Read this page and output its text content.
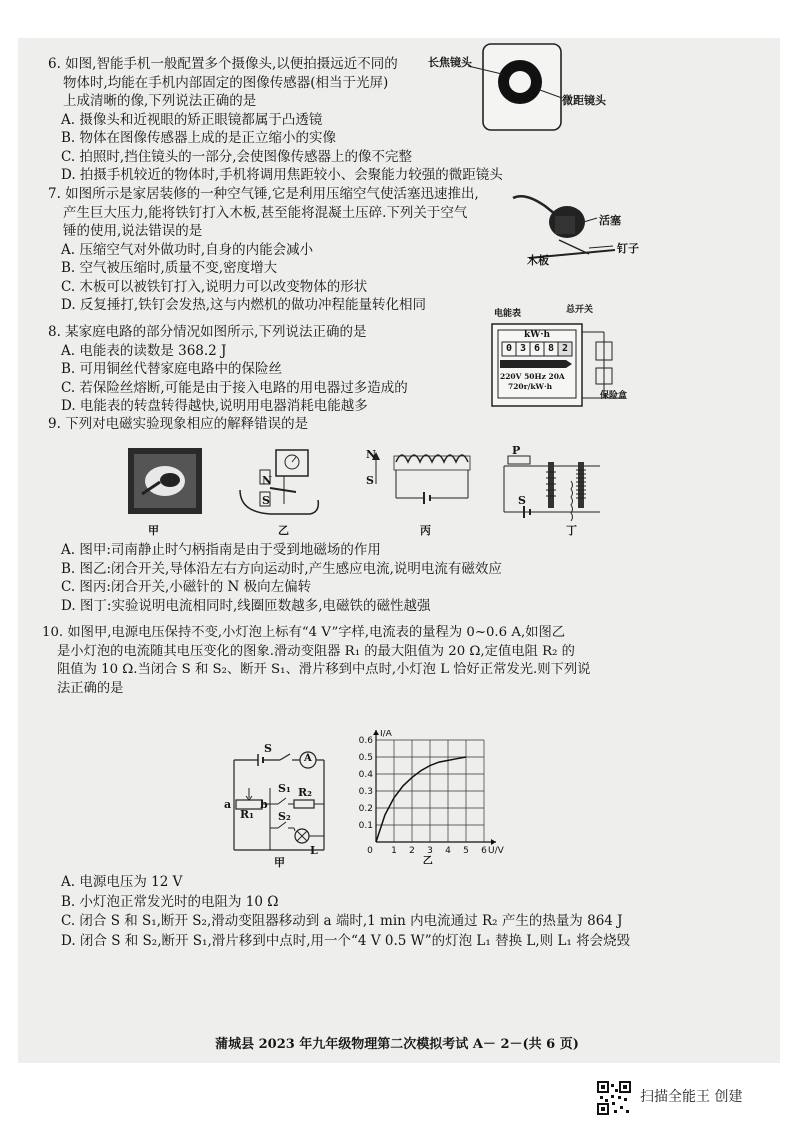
6. 如图,智能手机一般配置多个摄像头,以便拍摄远近不同的
物体时,均能在手机内部固定的图像传感器(相当于光屏)
上成清晰的像,下列说法正确的是
A. 摄像头和近视眼的矫正眼镜都属于凸透镜
B. 物体在图像传感器上成的是正立缩小的实像
C. 拍照时,挡住镜头的一部分,会使图像传感器上的像不完整
D. 拍摄手机较近的物体时,手机将调用焦距较小、会聚能力较强的微距镜头
长焦镜头
微距镜头
7. 如图所示是家居装修的一种空气锤,它是利用压缩空气使活塞迅速推出,
产生巨大压力,能将铁钉打入木板,甚至能将混凝土压碎.下列关于空气
锤的使用,说法错误的是
A. 压缩空气对外做功时,自身的内能会减小
B. 空气被压缩时,质量不变,密度增大
C. 木板可以被铁钉打入,说明力可以改变物体的形状
D. 反复捶打,铁钉会发热,这与内燃机的做功冲程能量转化相同
活塞
木板
钉子
8. 某家庭电路的部分情况如图所示,下列说法正确的是
A. 电能表的读数是 368.2 J
B. 可用铜丝代替家庭电路中的保险丝
C. 若保险丝熔断,可能是由于接入电路的用电器过多造成的
D. 电能表的转盘转得越快,说明用电器消耗电能越多
电能表	总开关
kW·h
0 3 6 8 2
220V 50Hz 20A
720r/kW·h
保险盒
9. 下列对电磁实验现象相应的解释错误的是
N
S
N
S
P
S
甲	乙	丙	丁
A. 图甲:司南静止时勺柄指南是由于受到地磁场的作用
B. 图乙:闭合开关,导体沿左右方向运动时,产生感应电流,说明电流有磁效应
C. 图丙:闭合开关,小磁针的 N 极向左偏转
D. 图丁:实验说明电流相同时,线圈匝数越多,电磁铁的磁性越强
10. 如图甲,电源电压保持不变,小灯泡上标有“4 V”字样,电流表的量程为 0~0.6 A,如图乙
是小灯泡的电流随其电压变化的图象.滑动变阻器 R₁ 的最大阻值为 20 Ω,定值电阻 R₂ 的
阻值为 10 Ω.当闭合 S 和 S₂、断开 S₁、滑片移到中点时,小灯泡 L 恰好正常发光.则下列说
法正确的是
S
A
S₁ R₂
a
R₁
b
S₂
L
甲
0 1 2 3 4 5 6
0.1
0.2
0.3
0.4
0.5
0.6
U/V
I/A
乙
A. 电源电压为 12 V
B. 小灯泡正常发光时的电阻为 10 Ω
C. 闭合 S 和 S₁,断开 S₂,滑动变阻器移动到 a 端时,1 min 内电流通过 R₂ 产生的热量为 864 J
D. 闭合 S 和 S₂,断开 S₁,滑片移到中点时,用一个“4 V 0.5 W”的灯泡 L₁ 替换 L,则 L₁ 将会烧毁
蒲城县 2023 年九年级物理第二次模拟考试 A－ 2－(共 6 页)
扫描全能王 创建
